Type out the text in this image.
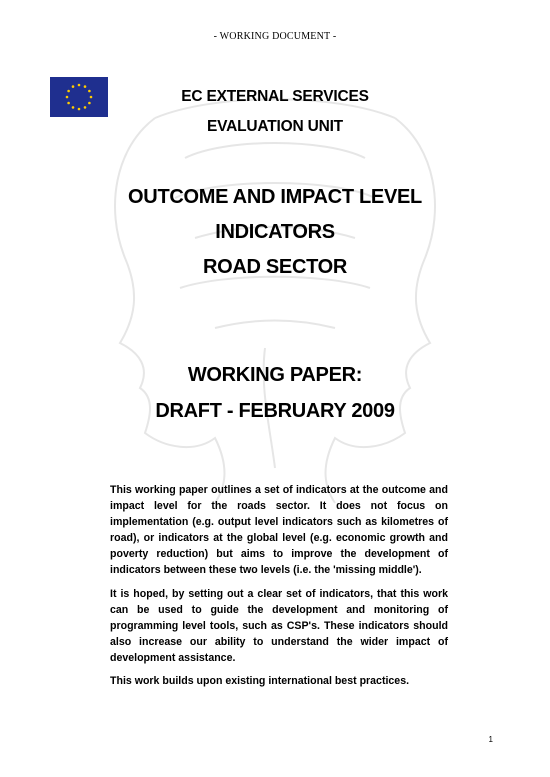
- WORKING DOCUMENT -
EC EXTERNAL SERVICES
EVALUATION UNIT
OUTCOME AND IMPACT LEVEL
INDICATORS
ROAD SECTOR
WORKING PAPER:
DRAFT - FEBRUARY 2009

This working paper outlines a set of indicators at the outcome and impact level for the roads sector. It does not focus on implementation (e.g. output level indicators such as kilometres of road), or indicators at the global level (e.g. economic growth and poverty reduction) but aims to improve the development of indicators between these two levels (i.e. the 'missing middle').

It is hoped, by setting out a clear set of indicators, that this work can be used to guide the development and monitoring of programming level tools, such as CSP's. These indicators should also increase our ability to understand the wider impact of development assistance.

This work builds upon existing international best practices.

1
